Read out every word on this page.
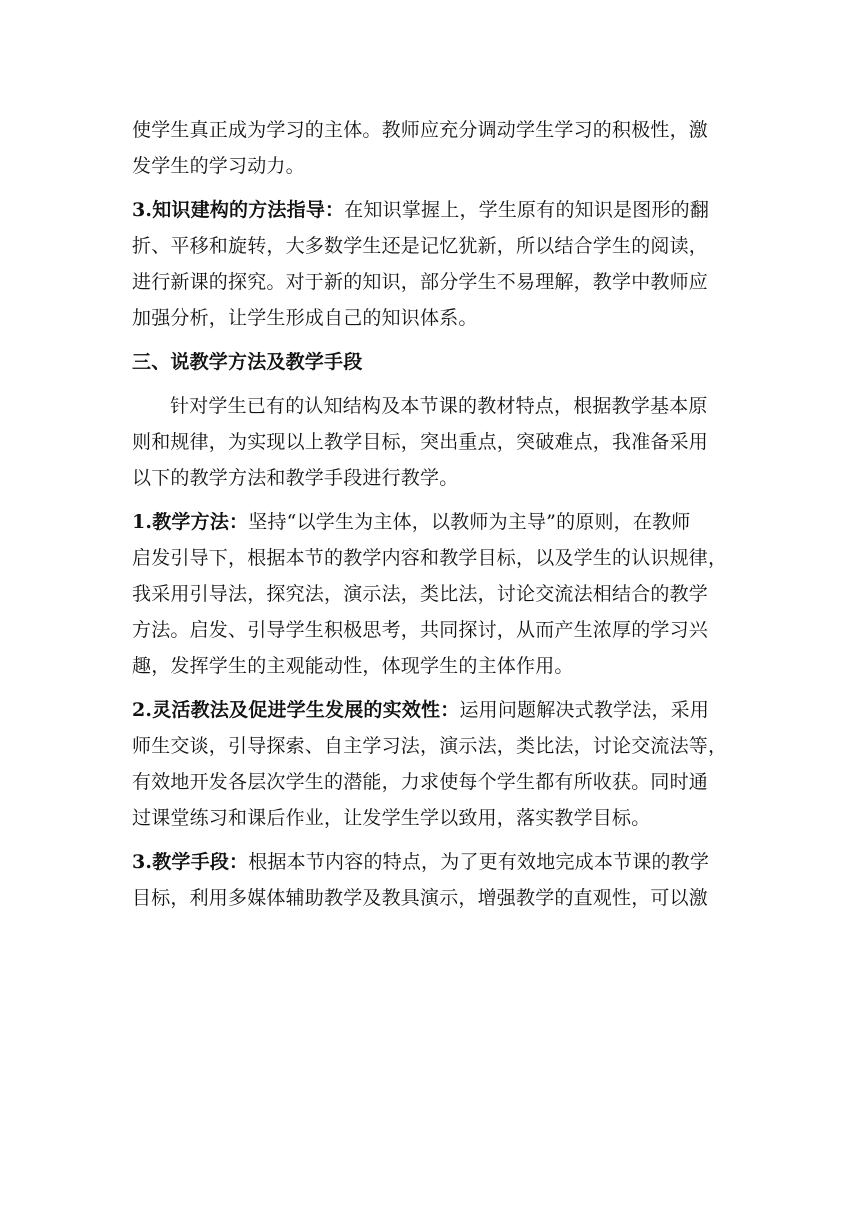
使学生真正成为学习的主体。教师应充分调动学生学习的积极性，激
发学生的学习动力。

3.知识建构的方法指导：在知识掌握上，学生原有的知识是图形的翻
折、平移和旋转，大多数学生还是记忆犹新，所以结合学生的阅读，
进行新课的探究。对于新的知识，部分学生不易理解，教学中教师应
加强分析，让学生形成自己的知识体系。

三、说教学方法及教学手段

针对学生已有的认知结构及本节课的教材特点，根据教学基本原
则和规律，为实现以上教学目标，突出重点，突破难点，我准备采用
以下的教学方法和教学手段进行教学。

1.教学方法：坚持“以学生为主体，以教师为主导”的原则，在教师
启发引导下，根据本节的教学内容和教学目标，以及学生的认识规律，
我采用引导法，探究法，演示法，类比法，讨论交流法相结合的教学
方法。启发、引导学生积极思考，共同探讨，从而产生浓厚的学习兴
趣，发挥学生的主观能动性，体现学生的主体作用。

2.灵活教法及促进学生发展的实效性：运用问题解决式教学法，采用
师生交谈，引导探索、自主学习法，演示法，类比法，讨论交流法等，
有效地开发各层次学生的潜能，力求使每个学生都有所收获。同时通
过课堂练习和课后作业，让发学生学以致用，落实教学目标。

3.教学手段：根据本节内容的特点，为了更有效地完成本节课的教学
目标，利用多媒体辅助教学及教具演示，增强教学的直观性，可以激
